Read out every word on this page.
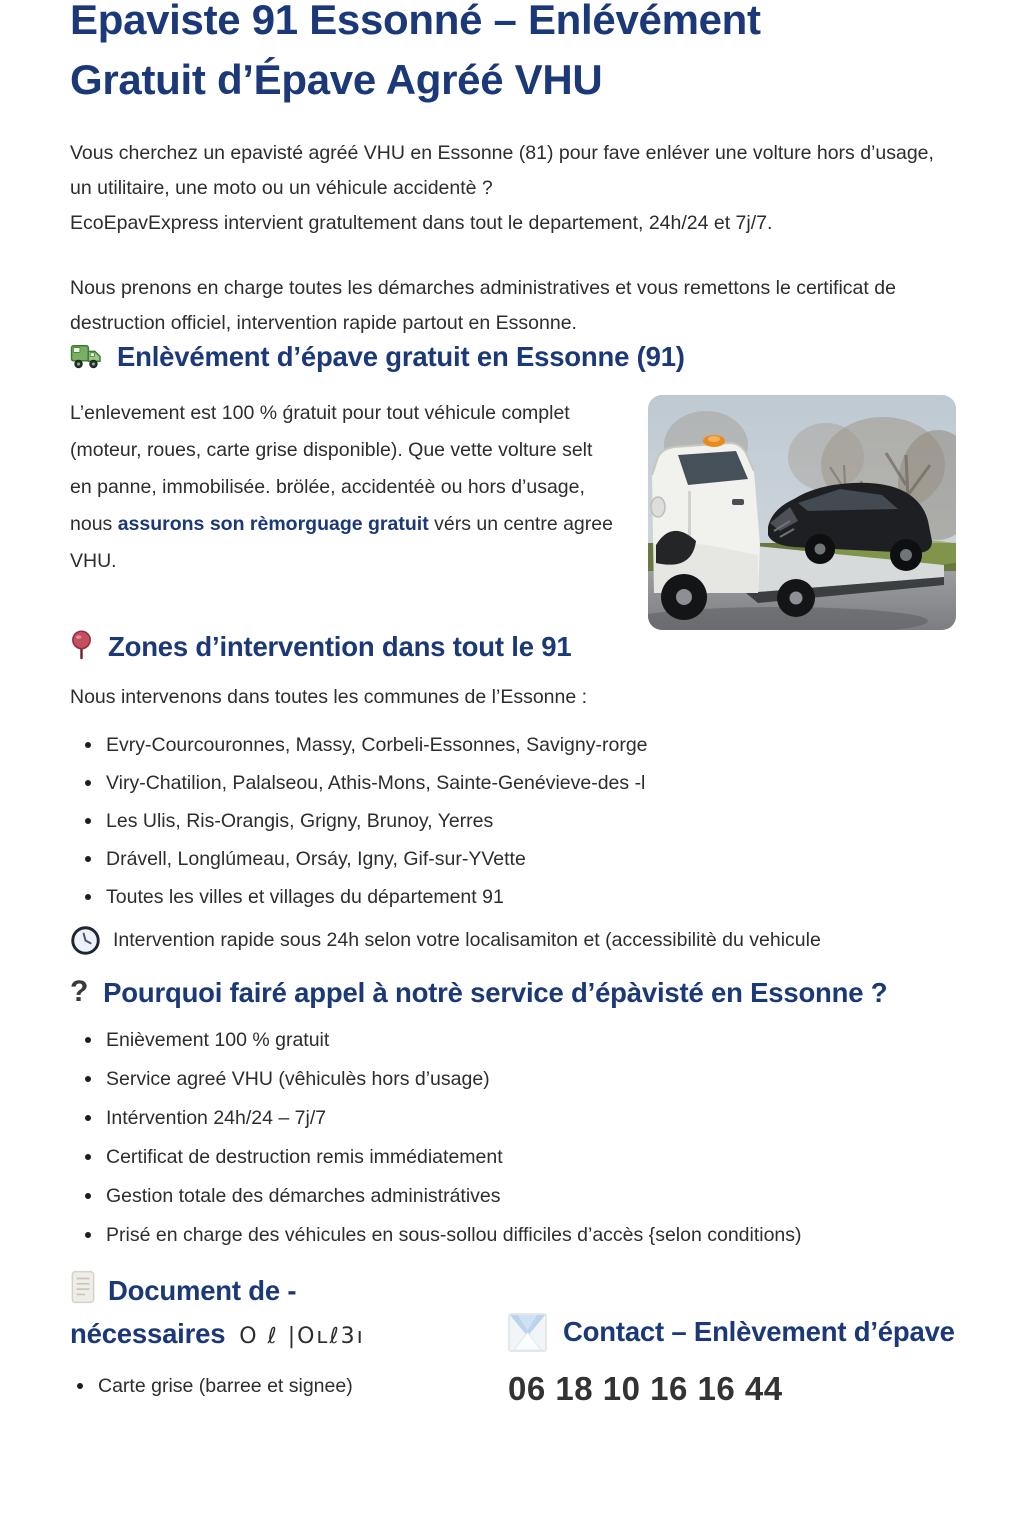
Epaviste 91 Essonné – Enlévément
Gratuit d’Épave Agréé VHU

Vous cherchez un epavisté agréé VHU en Essonne (81) pour fave enléver une volture hors d’usage, un utilitaire, une moto ou un véhicule accidentè ?
EcoEpavExpress intervient gratultement dans tout le departement, 24h/24 et 7j/7.

Nous prenons en charge toutes les démarches administratives et vous remettons le certificat de destruction officiel, intervention rapide partout en Essonne.

Enlèvément d’épave gratuit en Essonne (91)

L’enlevement est 100 % ǵratuit pour tout véhicule complet (moteur, roues, carte grise disponible). Que vette volture selt en panne, immobilisée. brölée, accidentéè ou hors d’usage, nous assurons son rèmorguage gratuit vérs un centre agree VHU.

Zones d’intervention dans tout le 91

Nous intervenons dans toutes les communes de l’Essonne :

Evry-Courcouronnes, Massy, Corbeli-Essonnes, Savigny-rorge
Viry-Chatilion, Palalseou, Athis-Mons, Sainte-Genévieve-des -l
Les Ulis, Ris-Orangis, Grigny, Brunoy, Yerres
Drávell, Longlúmeau, Orsáy, Igny, Gif-sur-YVette
Toutes les villes et villages du département 91

Intervention rapide sous 24h selon votre localisamiton et (accessibilitè du vehicule

? Pourquoi fairé appel à notrè service d’épàvisté en Essonne ?
Enièvement 100 % gratuit
Service agreé VHU (vêhiculès hors d’usage)
Intérvention 24h/24 – 7j/7
Certificat de destruction remis immédiatement
Gestion totale des démarches administrátives
Prisé en charge des véhicules en sous-sollou difficiles d’accès {selon conditions)
Document de -
nécessaires O ℓ |Oʟℓ3ı
Carte grise (barree et signee)
Contact – Enlèvement d’épave
06 18 10 16 16 44
